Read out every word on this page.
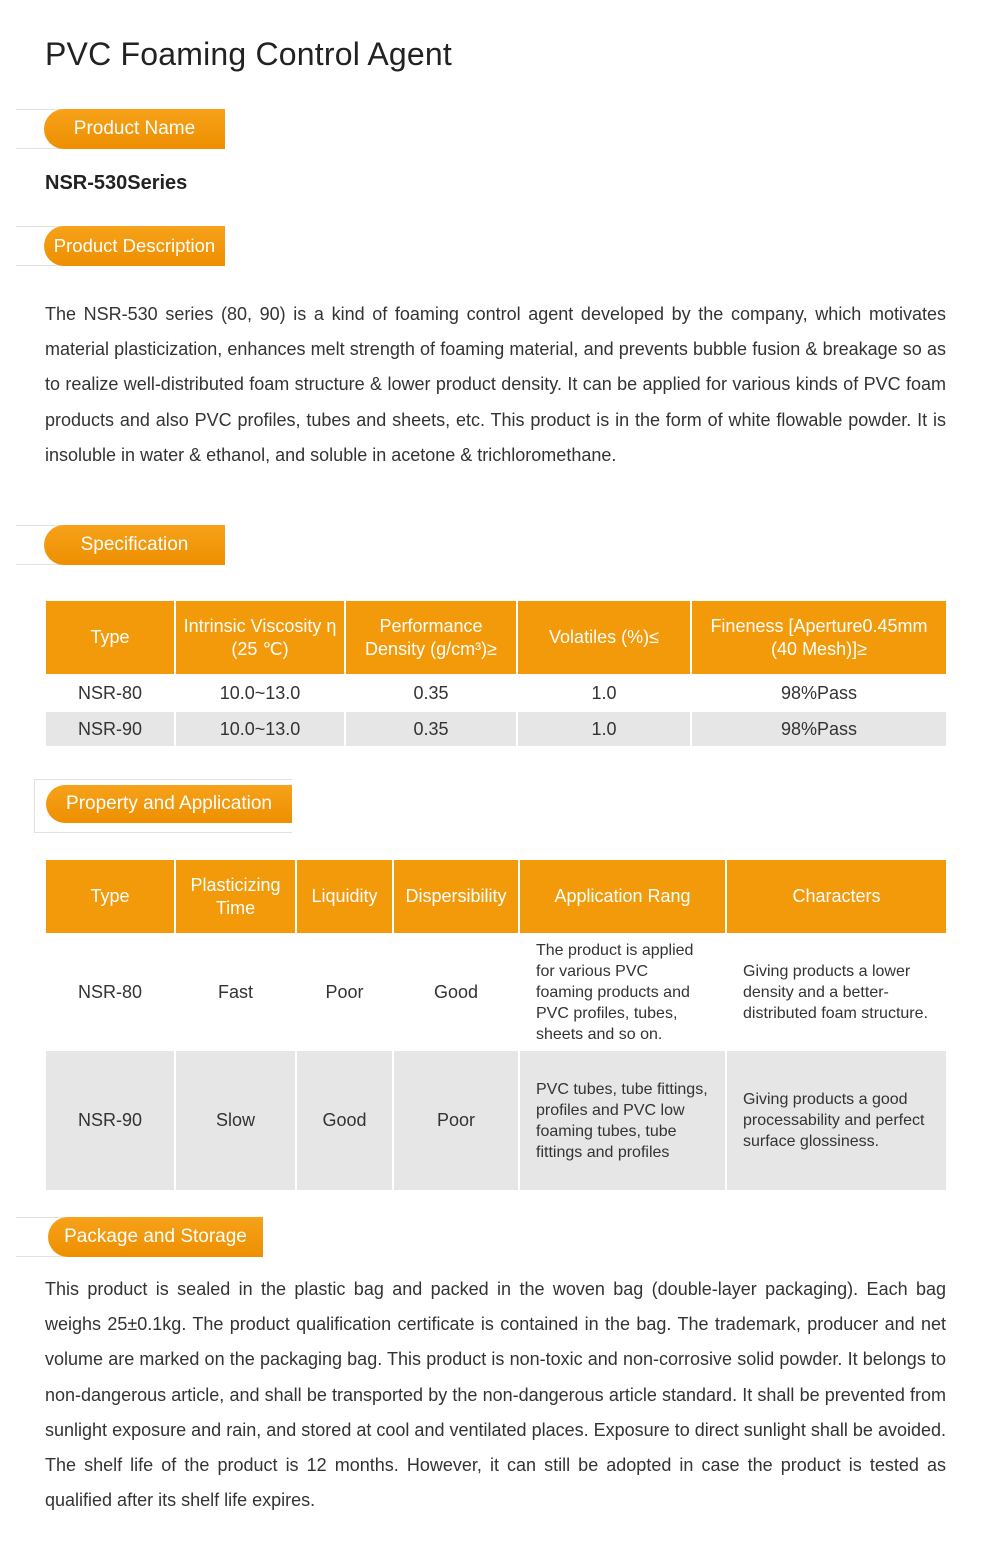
PVC Foaming Control Agent
Product Name
NSR-530Series
Product Description

The NSR-530 series (80, 90) is a kind of foaming control agent developed by the company, which motivates material plasticization, enhances melt strength of foaming material, and prevents bubble fusion & breakage so as to realize well-distributed foam structure & lower product density. It can be applied for various kinds of PVC foam products and also PVC profiles, tubes and sheets, etc. This product is in the form of white flowable powder. It is insoluble in water & ethanol, and soluble in acetone & trichloromethane.

Specification
Type	Intrinsic Viscosity η (25 ℃)	Performance Density (g/cm³)≥	Volatiles (%)≤	Fineness [Aperture0.45mm (40 Mesh)]≥
NSR-80	10.0~13.0	0.35	1.0	98%Pass
NSR-90	10.0~13.0	0.35	1.0	98%Pass
Property and Application
Type	Plasticizing Time	Liquidity	Dispersibility	Application Rang	Characters
NSR-80	Fast	Poor	Good	The product is applied for various PVC foaming products and PVC profiles, tubes, sheets and so on.	Giving products a lower density and a better-distributed foam structure.
NSR-90	Slow	Good	Poor	PVC tubes, tube fittings, profiles and PVC low foaming tubes, tube fittings and profiles	Giving products a good processability and perfect surface glossiness.
Package and Storage

This product is sealed in the plastic bag and packed in the woven bag (double-layer packaging). Each bag weighs 25±0.1kg. The product qualification certificate is contained in the bag. The trademark, producer and net volume are marked on the packaging bag. This product is non-toxic and non-corrosive solid powder. It belongs to non-dangerous article, and shall be transported by the non-dangerous article standard. It shall be prevented from sunlight exposure and rain, and stored at cool and ventilated places. Exposure to direct sunlight shall be avoided. The shelf life of the product is 12 months. However, it can still be adopted in case the product is tested as qualified after its shelf life expires.
